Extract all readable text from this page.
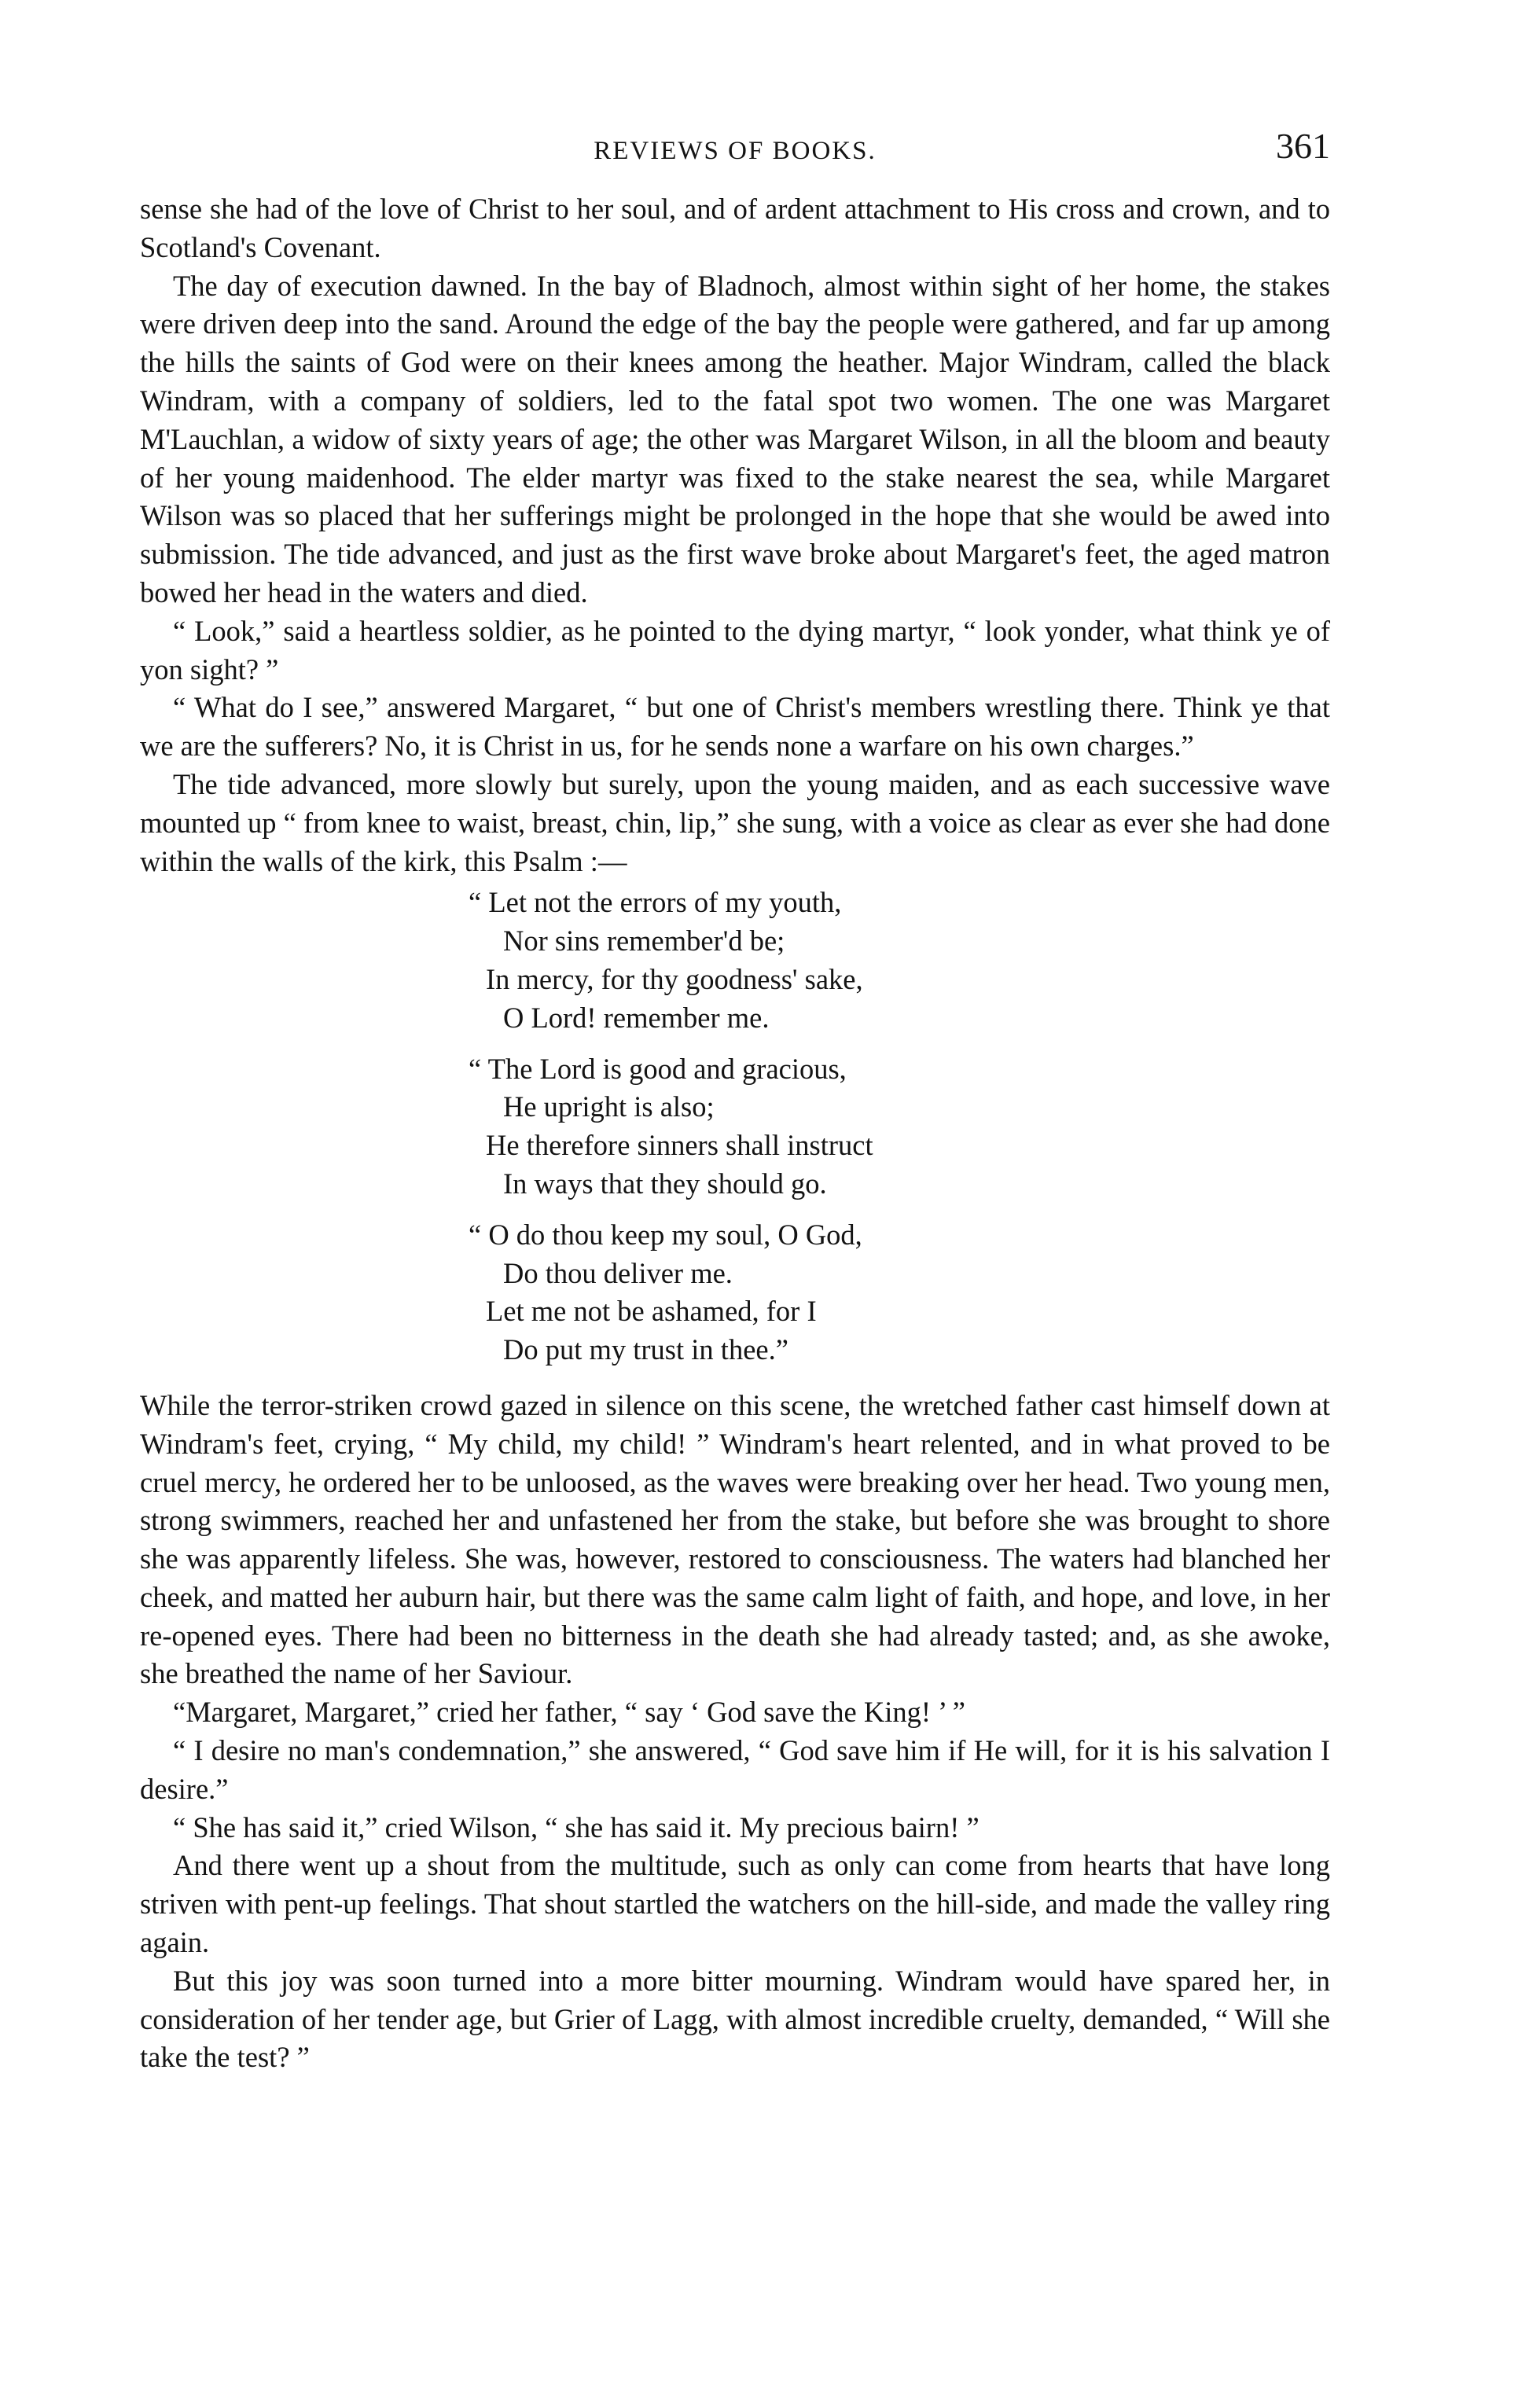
REVIEWS OF BOOKS.	361

sense she had of the love of Christ to her soul, and of ardent attachment to His cross and crown, and to Scotland's Covenant.

The day of execution dawned. In the bay of Bladnoch, almost within sight of her home, the stakes were driven deep into the sand. Around the edge of the bay the people were gathered, and far up among the hills the saints of God were on their knees among the heather. Major Windram, called the black Windram, with a company of soldiers, led to the fatal spot two women. The one was Margaret M'Lauchlan, a widow of sixty years of age; the other was Margaret Wilson, in all the bloom and beauty of her young maidenhood. The elder martyr was fixed to the stake nearest the sea, while Margaret Wilson was so placed that her sufferings might be prolonged in the hope that she would be awed into submission. The tide advanced, and just as the first wave broke about Margaret's feet, the aged matron bowed her head in the waters and died.

“ Look,” said a heartless soldier, as he pointed to the dying martyr, “ look yonder, what think ye of yon sight? ”

“ What do I see,” answered Margaret, “ but one of Christ's members wrestling there. Think ye that we are the sufferers? No, it is Christ in us, for he sends none a warfare on his own charges.”

The tide advanced, more slowly but surely, upon the young maiden, and as each successive wave mounted up “ from knee to waist, breast, chin, lip,” she sung, with a voice as clear as ever she had done within the walls of the kirk, this Psalm :—

“ Let not the errors of my youth,
Nor sins remember'd be;
In mercy, for thy goodness' sake,
O Lord! remember me.
“ The Lord is good and gracious,
He upright is also;
He therefore sinners shall instruct
In ways that they should go.
“ O do thou keep my soul, O God,
Do thou deliver me.
Let me not be ashamed, for I
Do put my trust in thee.”

While the terror-striken crowd gazed in silence on this scene, the wretched father cast himself down at Windram's feet, crying, “ My child, my child! ” Windram's heart relented, and in what proved to be cruel mercy, he ordered her to be unloosed, as the waves were breaking over her head. Two young men, strong swimmers, reached her and unfastened her from the stake, but before she was brought to shore she was apparently lifeless. She was, however, restored to consciousness. The waters had blanched her cheek, and matted her auburn hair, but there was the same calm light of faith, and hope, and love, in her re-opened eyes. There had been no bitterness in the death she had already tasted; and, as she awoke, she breathed the name of her Saviour.

“Margaret, Margaret,” cried her father, “ say ‘ God save the King! ’ ”

“ I desire no man's condemnation,” she answered, “ God save him if He will, for it is his salvation I desire.”

“ She has said it,” cried Wilson, “ she has said it. My precious bairn! ”

And there went up a shout from the multitude, such as only can come from hearts that have long striven with pent-up feelings. That shout startled the watchers on the hill-side, and made the valley ring again.

But this joy was soon turned into a more bitter mourning. Windram would have spared her, in consideration of her tender age, but Grier of Lagg, with almost incredible cruelty, demanded, “ Will she take the test? ”
